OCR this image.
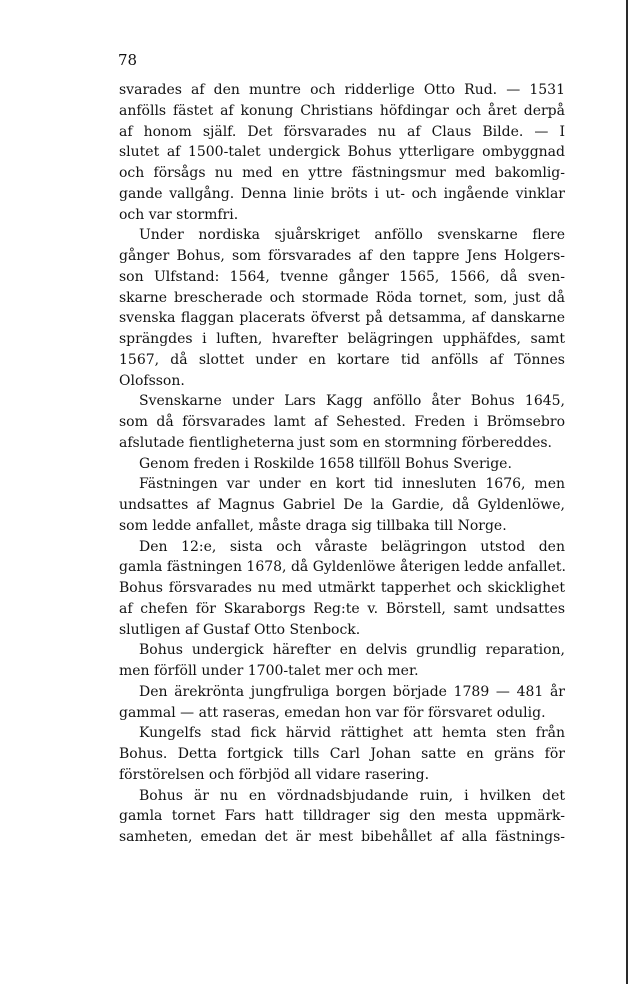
78

svarades af den muntre och ridderlige Otto Rud. — 1531
anfölls fästet af konung Christians höfdingar och året derpå
af honom själf. Det försvarades nu af Claus Bilde. — I
slutet af 1500-talet undergick Bohus ytterligare ombyggnad
och försågs nu med en yttre fästningsmur med bakomlig-
gande vallgång. Denna linie bröts i ut- och ingående vinklar
och var stormfri.
Under nordiska sjuårskriget anföllo svenskarne flere
gånger Bohus, som försvarades af den tappre Jens Holgers-
son Ulfstand: 1564, tvenne gånger 1565, 1566, då sven-
skarne brescherade och stormade Röda tornet, som, just då
svenska flaggan placerats öfverst på detsamma, af danskarne
sprängdes i luften, hvarefter belägringen upphäfdes, samt
1567, då slottet under en kortare tid anfölls af Tönnes
Olofsson.
Svenskarne under Lars Kagg anföllo åter Bohus 1645,
som då försvarades lamt af Sehested. Freden i Brömsebro
afslutade fientligheterna just som en stormning förbereddes.
Genom freden i Roskilde 1658 tillföll Bohus Sverige.
Fästningen var under en kort tid innesluten 1676, men
undsattes af Magnus Gabriel De la Gardie, då Gyldenlöwe,
som ledde anfallet, måste draga sig tillbaka till Norge.
Den 12:e, sista och våraste belägringon utstod den
gamla fästningen 1678, då Gyldenlöwe återigen ledde anfallet.
Bohus försvarades nu med utmärkt tapperhet och skicklighet
af chefen för Skaraborgs Reg:te v. Börstell, samt undsattes
slutligen af Gustaf Otto Stenbock.
Bohus undergick härefter en delvis grundlig reparation,
men förföll under 1700-talet mer och mer.
Den ärekrönta jungfruliga borgen började 1789 — 481 år
gammal — att raseras, emedan hon var för försvaret odulig.
Kungelfs stad fick härvid rättighet att hemta sten från
Bohus. Detta fortgick tills Carl Johan satte en gräns för
förstörelsen och förbjöd all vidare rasering.
Bohus är nu en vördnadsbjudande ruin, i hvilken det
gamla tornet Fars hatt tilldrager sig den mesta uppmärk-
samheten, emedan det är mest bibehållet af alla fästnings-
